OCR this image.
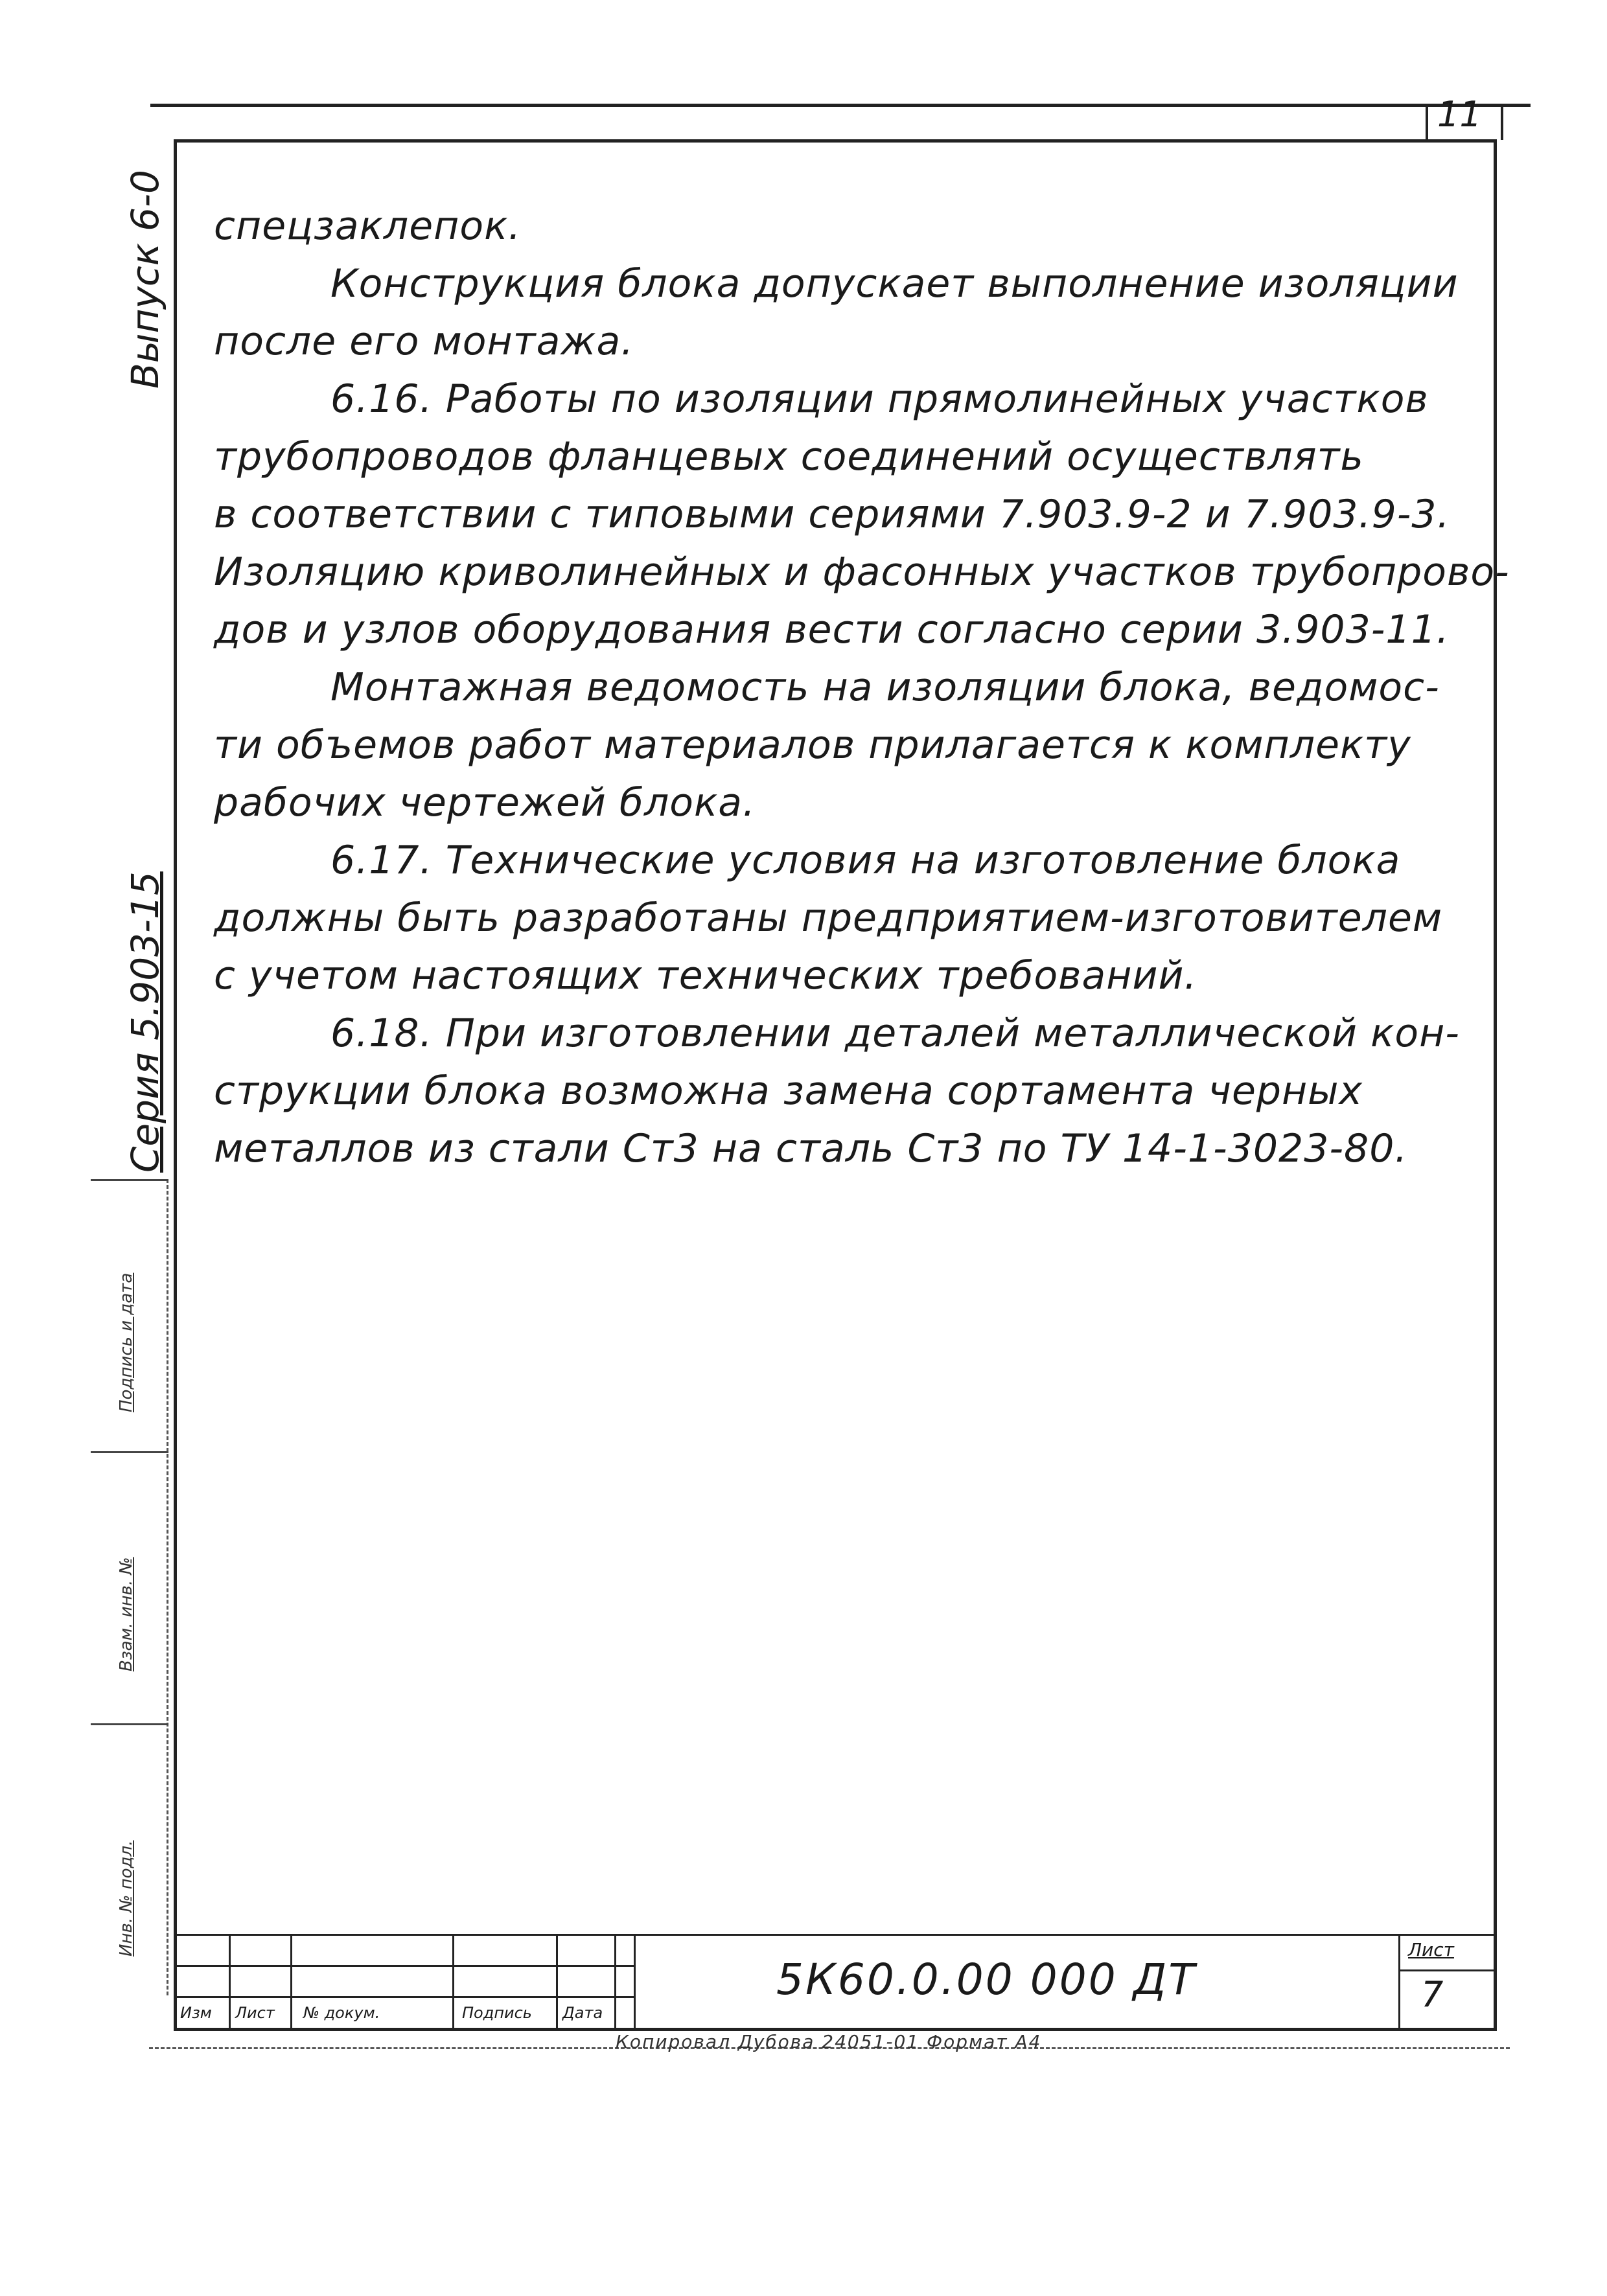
11
Выпуск 6-0
Серия 5.903-15
Подпись и дата
Взам. инв. №
Инв. № подл.
спецзаклепок.
Конструкция блока допускает выполнение изоляции
после его монтажа.
6.16. Работы по изоляции прямолинейных участков
трубопроводов фланцевых соединений осуществлять
в соответствии с типовыми сериями 7.903.9-2 и 7.903.9-3.
Изоляцию криволинейных и фасонных участков трубопрово-
дов и узлов оборудования вести согласно серии 3.903-11.
Монтажная ведомость на изоляции блока, ведомос-
ти объемов работ материалов прилагается к комплекту
рабочих чертежей блока.
6.17. Технические условия на изготовление блока
должны быть разработаны предприятием-изготовителем
с учетом настоящих технических требований.
6.18. При изготовлении деталей металлической кон-
струкции блока возможна замена сортамента черных
металлов из стали Ст3 на сталь Ст3 по ТУ 14-1-3023-80.
5К60.0.00 000 ДТ
Изм Лист № докум.	Подпись Дата
Лист
7
Копировал Дубова 24051-01 Формат А4
